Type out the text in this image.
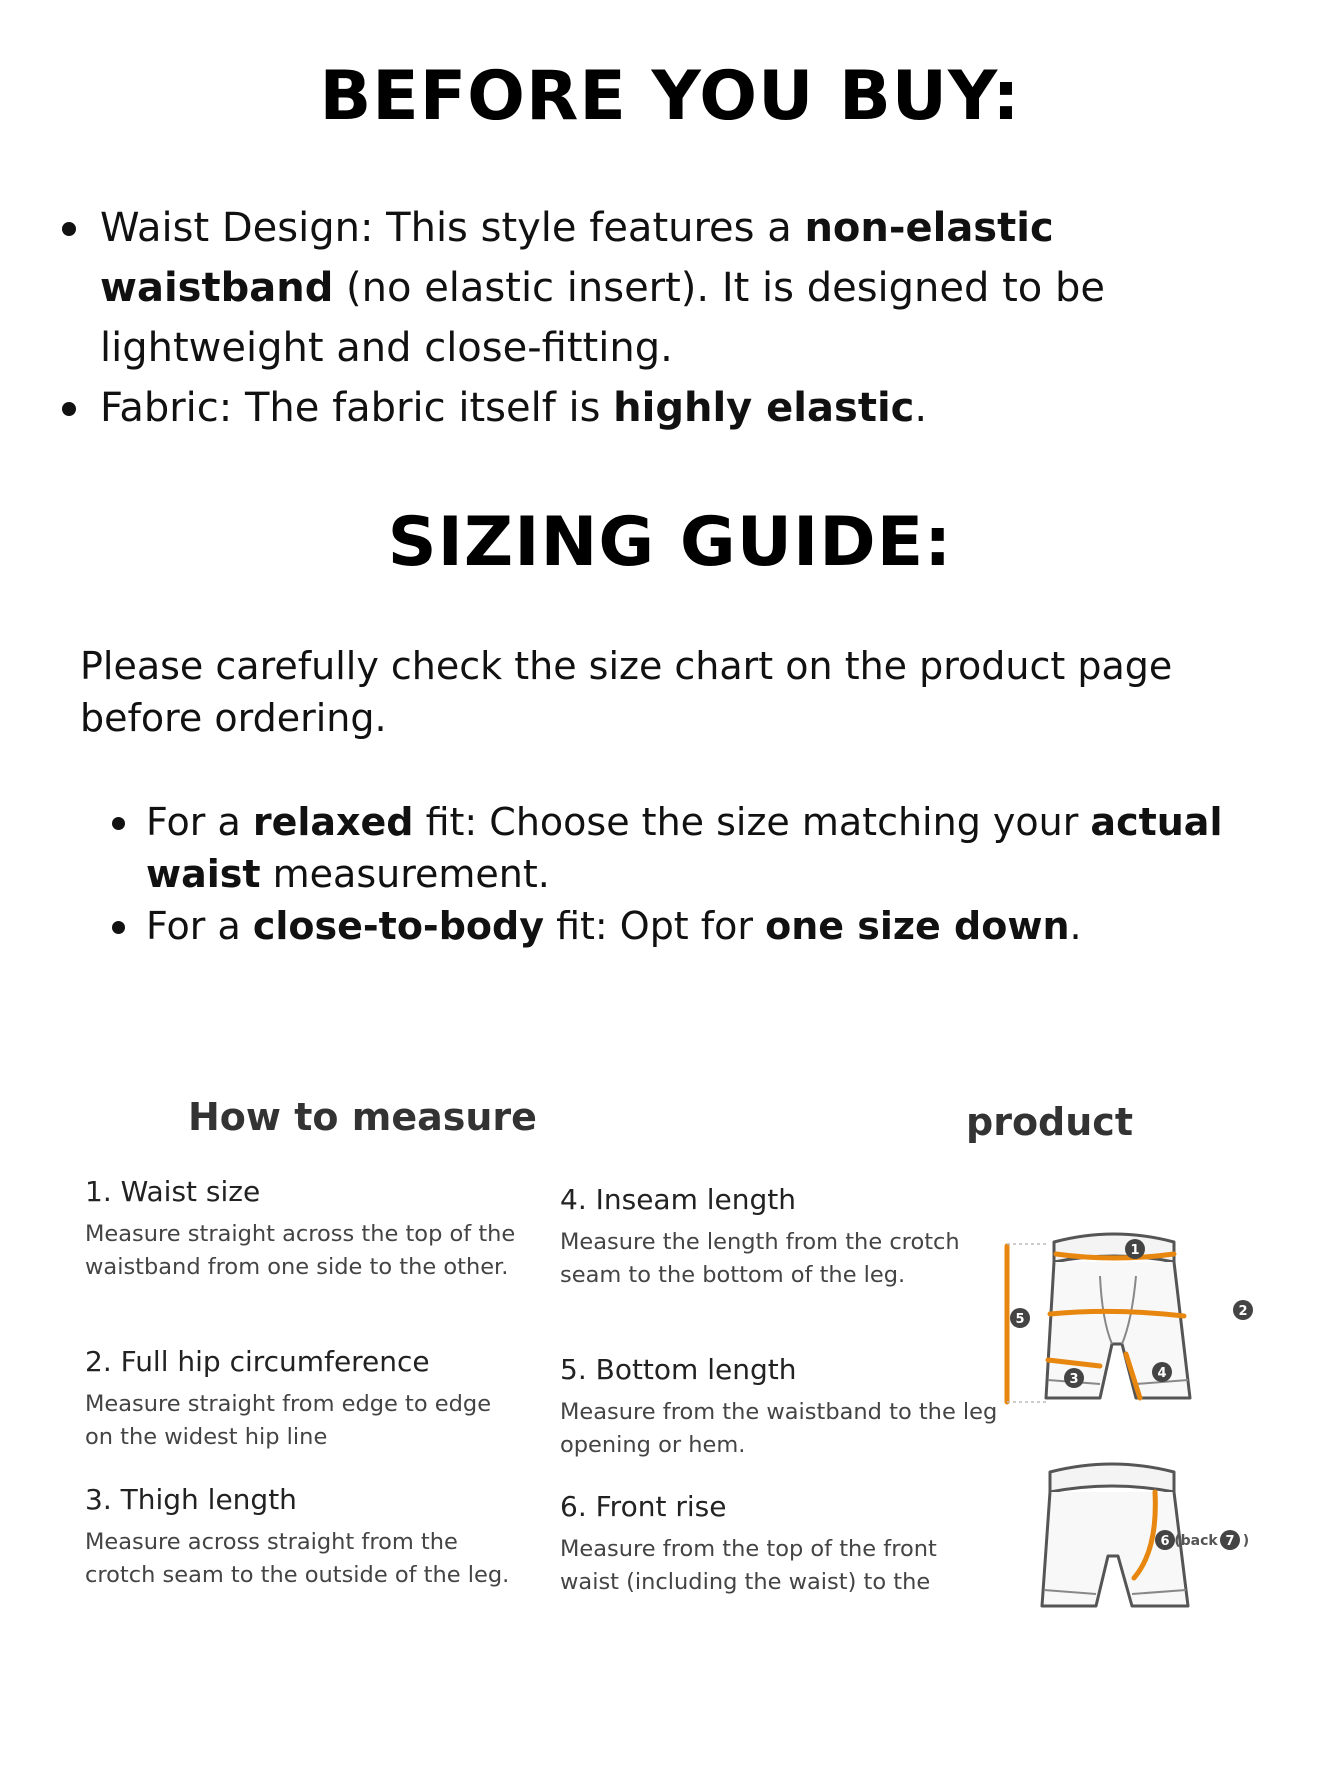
BEFORE YOU BUY:
Waist Design: This style features a non-elastic waistband (no elastic insert). It is designed to be lightweight and close-fitting.
Fabric: The fabric itself is highly elastic.
SIZING GUIDE:
Please carefully check the size chart on the product page before ordering.
For a relaxed fit: Choose the size matching your actual waist measurement.
For a close-to-body fit: Opt for one size down.
How to measure	product
1. Waist size
Measure straight across the top of the waistband from one side to the other.
2. Full hip circumference
Measure straight from edge to edge on the widest hip line
3. Thigh length
Measure across straight from the crotch seam to the outside of the leg.
4. Inseam length
Measure the length from the crotch seam to the bottom of the leg.
5. Bottom length
Measure from the waistband to the leg opening or hem.
6. Front rise
Measure from the top of the front waist (including the waist) to the
1
2
3	4
5
6 (back 7 )
